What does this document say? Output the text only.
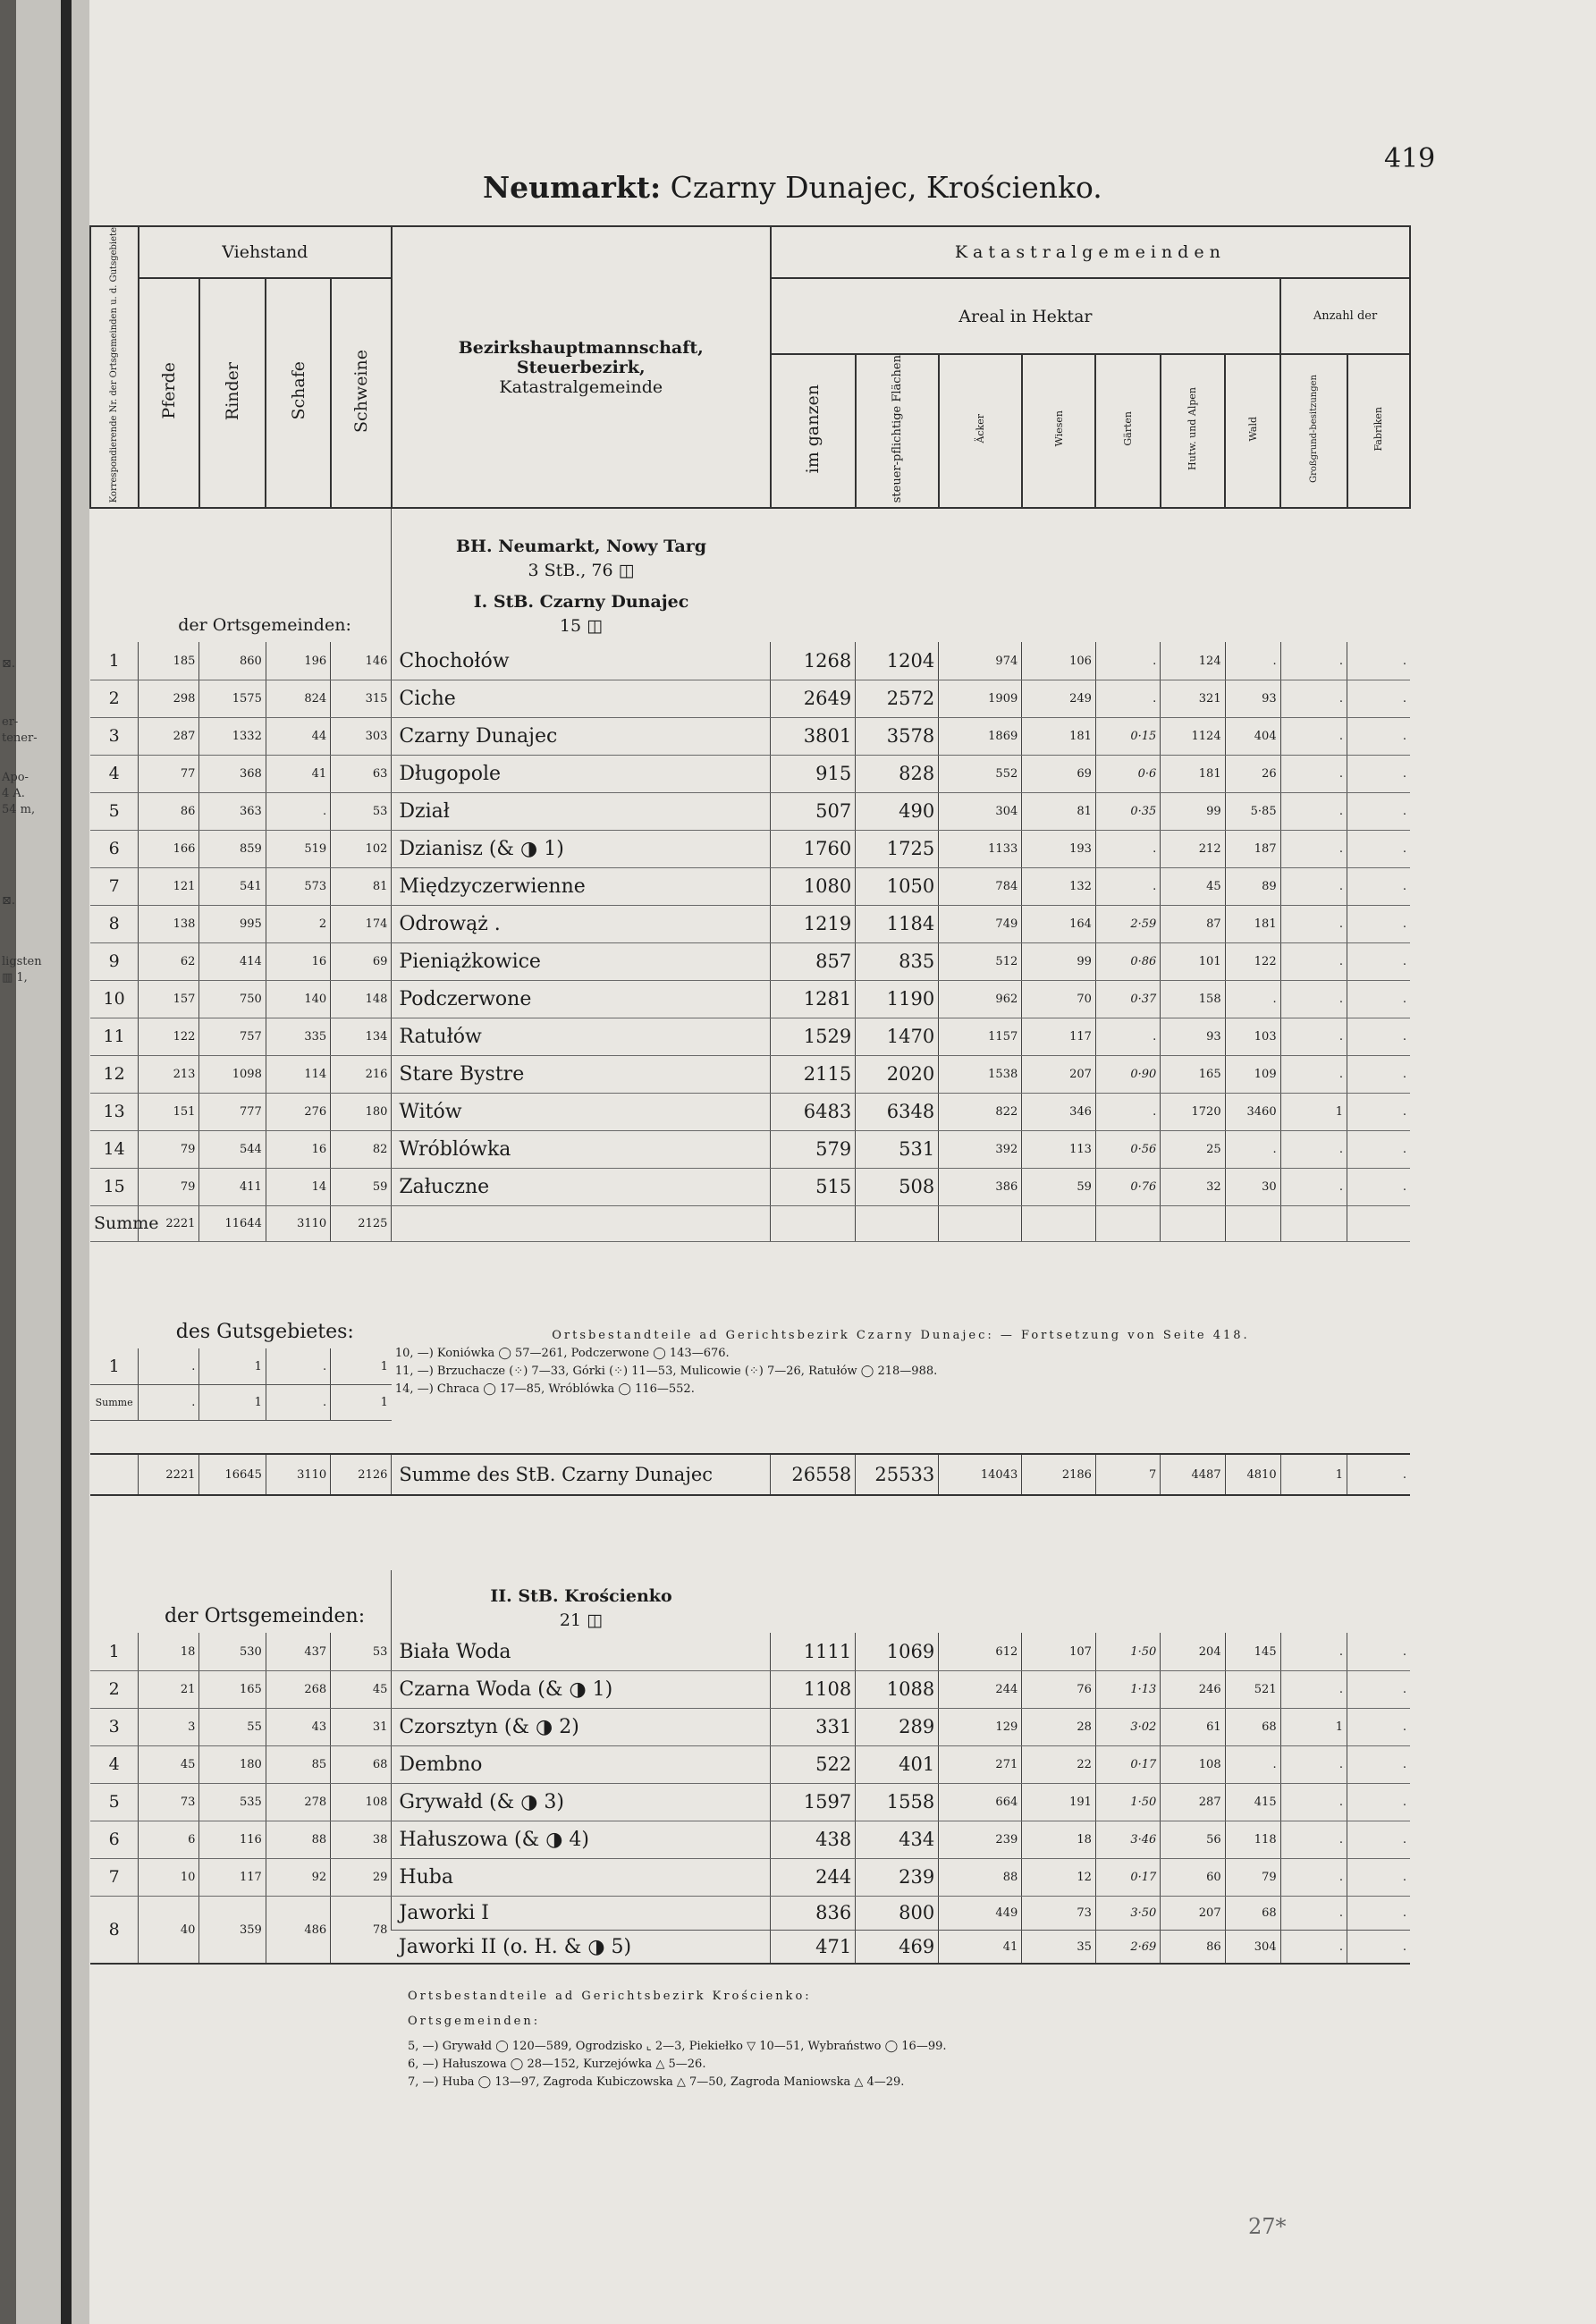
⊠.
er-
tener-
Apo-
4 A.
54 m,
⊠.
ligsten
▥ 1,
419
Neumarkt: Czarny Dunajec, Krościenko.
Korrespondierende Nr. der Ortsgemeinden u. d. Gutsgebiete	Viehstand				Bezirkshauptmannschaft,
Steuerbezirk,
Katastralgemeinde	Katastralgemeinden								
	Pferde	Rinder	Schafe	Schweine		Areal in Hektar							Anzahl der	
						im ganzen	steuer-pflichtige Flächen	Äcker	Wiesen	Gärten	Hutw. und Alpen	Wald	Großgrund-besitzungen	Fabriken
	der Ortsgemeinden:				BH. Neumarkt, Nowy Targ
3 StB., 76 ◫
I. StB. Czarny Dunajec
15 ◫									

1	185	860	196	146	Chochołów	1268	1204	974	106	.	124	.	.	.
2	298	1575	824	315	Ciche	2649	2572	1909	249	.	321	93	.	.
3	287	1332	44	303	Czarny Dunajec	3801	3578	1869	181	0·15	1124	404	.	.
4	77	368	41	63	Długopole	915	828	552	69	0·6	181	26	.	.
5	86	363	.	53	Dział	507	490	304	81	0·35	99	5·85	.	.
6	166	859	519	102	Dzianisz (& ◑ 1)	1760	1725	1133	193	.	212	187	.	.
7	121	541	573	81	Międzyczerwienne	1080	1050	784	132	.	45	89	.	.
8	138	995	2	174	Odrowąż .	1219	1184	749	164	2·59	87	181	.	.
9	62	414	16	69	Pieniążkowice	857	835	512	99	0·86	101	122	.	.
10	157	750	140	148	Podczerwone	1281	1190	962	70	0·37	158	.	.	.
11	122	757	335	134	Ratułów	1529	1470	1157	117	.	93	103	.	.
12	213	1098	114	216	Stare Bystre	2115	2020	1538	207	0·90	165	109	.	.
13	151	777	276	180	Witów	6483	6348	822	346	.	1720	3460	1	.
14	79	544	16	82	Wróblówka	579	531	392	113	0·56	25	.	.	.
15	79	411	14	59	Załuczne	515	508	386	59	0·76	32	30	.	.
Summe	2221	11644	3110	2125										

	des Gutsgebietes:				Ortsbestandteile ad Gerichtsbezirk Czarny Dunajec: — Fortsetzung von Seite 418.
10, —) Koniówka ◯ 57—261, Podczerwone ◯ 143—676.
11, —) Brzuchacze (⁘) 7—33, Górki (⁘) 11—53, Mulicowie (⁘) 7—26, Ratułów ◯ 218—988.
14, —) Chraca ◯ 17—85, Wróblówka ◯ 116—552.									

1	.	1	.	1										
Summe	.	1	.	1										

	2221	16645	3110	2126	Summe des StB. Czarny Dunajec	26558	25533	14043	2186	7	4487	4810	1	.

	der Ortsgemeinden:				II. StB. Krościenko
21 ◫									

1	18	530	437	53	Biała Woda	1111	1069	612	107	1·50	204	145	.	.
2	21	165	268	45	Czarna Woda (& ◑ 1)	1108	1088	244	76	1·13	246	521	.	.
3	3	55	43	31	Czorsztyn (& ◑ 2)	331	289	129	28	3·02	61	68	1	.
4	45	180	85	68	Dembno	522	401	271	22	0·17	108	.	.	.
5	73	535	278	108	Grywałd (& ◑ 3)	1597	1558	664	191	1·50	287	415	.	.
6	6	116	88	38	Hałuszowa (& ◑ 4)	438	434	239	18	3·46	56	118	.	.
7	10	117	92	29	Huba	244	239	88	12	0·17	60	79	.	.
8	40	359	486	78	Jaworki I	836	800	449	73	3·50	207	68	.	.
					Jaworki II (o. H. & ◑ 5)	471	469	41	35	2·69	86	304	.	.

Ortsbestandteile ad Gerichtsbezirk Krościenko:
Ortsgemeinden:
5, —) Grywałd ◯ 120—589, Ogrodzisko ⌞ 2—3, Piekiełko ▽ 10—51, Wybraństwo ◯ 16—99.
6, —) Hałuszowa ◯ 28—152, Kurzejówka △ 5—26.
7, —) Huba ◯ 13—97, Zagroda Kubiczowska △ 7—50, Zagroda Maniowska △ 4—29.														
27*
